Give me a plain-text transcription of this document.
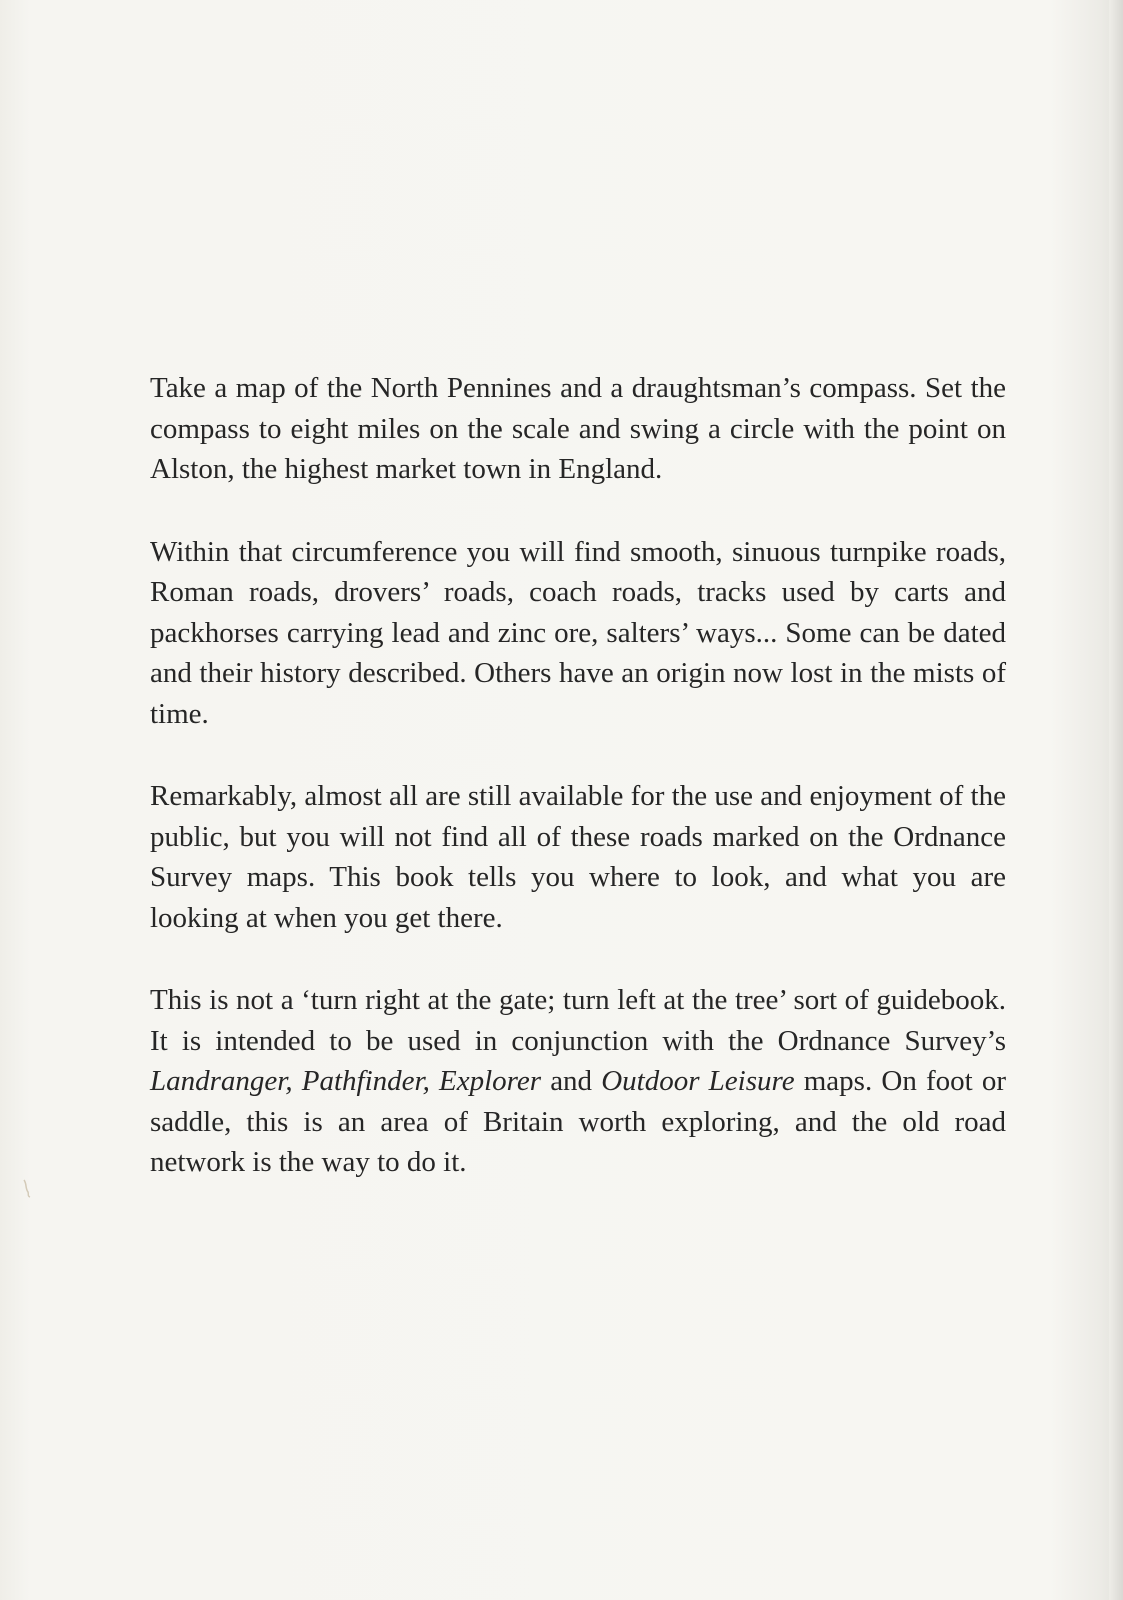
Take a map of the North Pennines and a draughtsman’s compass. Set the compass to eight miles on the scale and swing a circle with the point on Alston, the highest market town in England.

Within that circumference you will find smooth, sinuous turnpike roads, Roman roads, drovers’ roads, coach roads, tracks used by carts and packhorses carrying lead and zinc ore, salters’ ways... Some can be dated and their history described. Others have an origin now lost in the mists of time.

Remarkably, almost all are still available for the use and enjoyment of the public, but you will not find all of these roads marked on the Ordnance Survey maps. This book tells you where to look, and what you are looking at when you get there.

This is not a ‘turn right at the gate; turn left at the tree’ sort of guidebook. It is intended to be used in conjunction with the Ordnance Survey’s Landranger, Pathfinder, Explorer and Outdoor Leisure maps. On foot or saddle, this is an area of Britain worth exploring, and the old road network is the way to do it.
